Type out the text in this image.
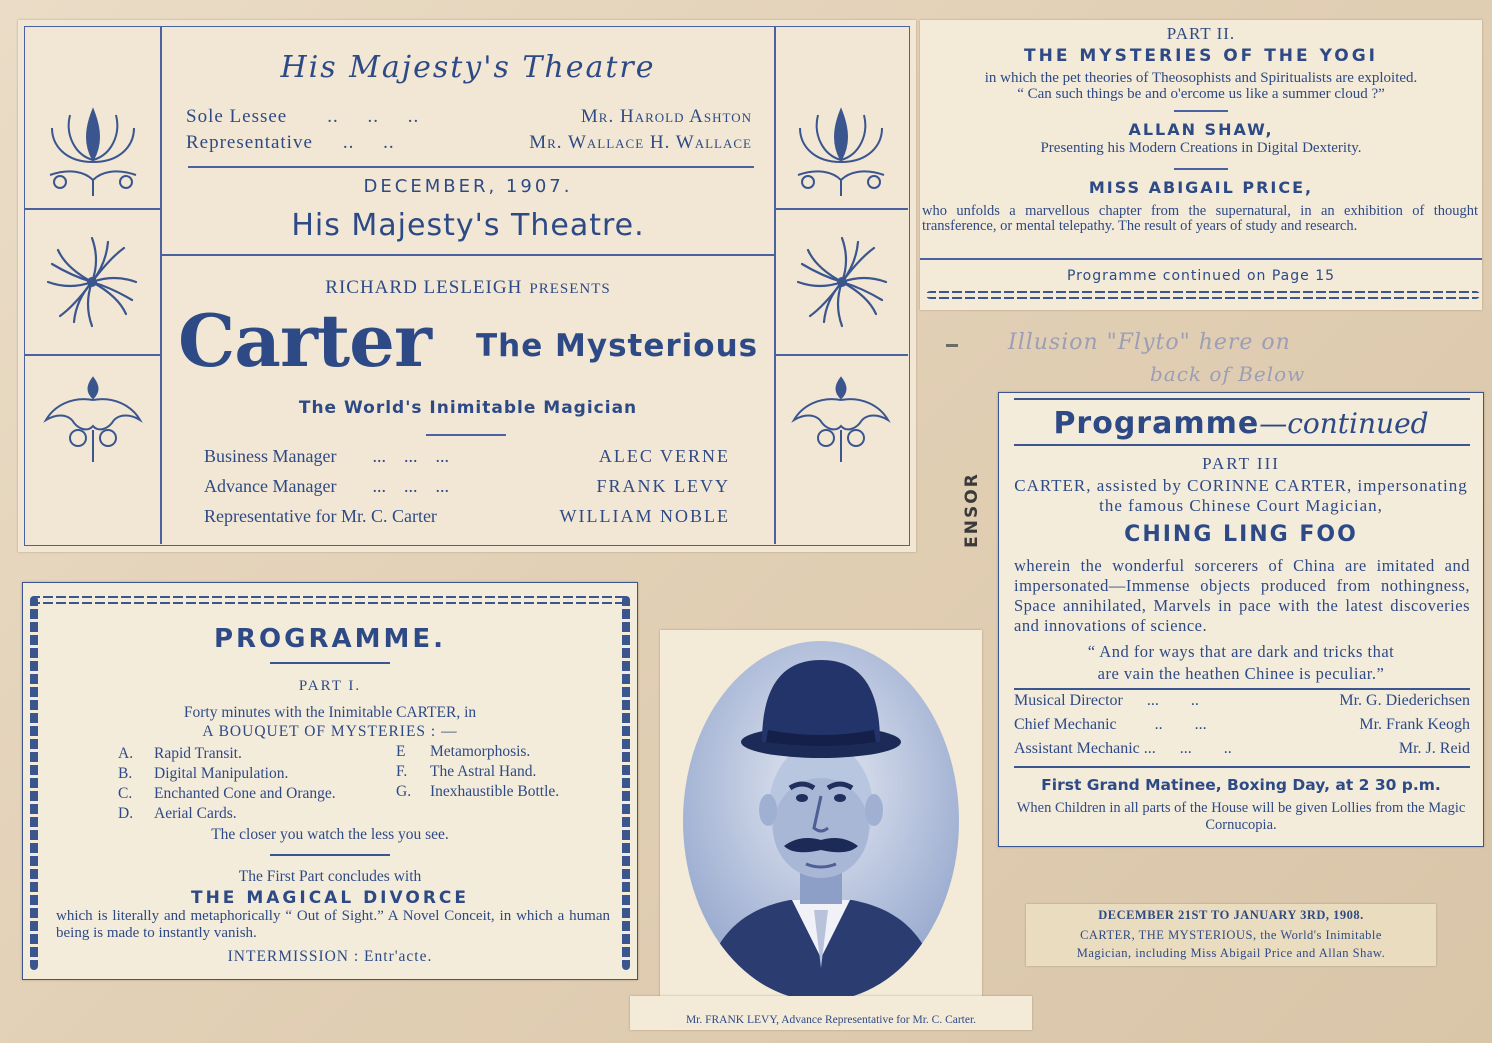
His Majesty's Theatre
Sole Lessee ..     ..     ..	Mr. Harold Ashton
Representative ..     ..	Mr. Wallace H. Wallace
DECEMBER, 1907.
His Majesty's Theatre.
RICHARD LESLEIGH PRESENTS
Carter The Mysterious
The World's Inimitable Magician
Business Manager ...    ...    ...	ALEC VERNE
Advance Manager ...    ...    ...	FRANK LEVY
Representative for Mr. C. Carter	WILLIAM NOBLE
PART II.
THE MYSTERIES OF THE YOGI
in which the pet theories of Theosophists and Spiritualists are exploited.
“ Can such things be and o'ercome us like a summer cloud ?”
ALLAN SHAW,
Presenting his Modern Creations in Digital Dexterity.
MISS ABIGAIL PRICE,
who unfolds a marvellous chapter from the supernatural, in an exhibition of thought transference, or mental telepathy. The result of years of study and research.
Programme continued on Page 15
Illusion "Flyto" here on
back of Below
ENSOR
Programme—continued
PART III
CARTER, assisted by CORINNE CARTER, impersonating the famous Chinese Court Magician,
CHING LING FOO
wherein the wonderful sorcerers of China are imitated and impersonated—Immense objects produced from nothingness, Space annihilated, Marvels in pace with the latest discoveries and innovations of science.
“ And for ways that are dark and tricks that
are vain the heathen Chinee is peculiar.”
Musical Director ...        ..	Mr. G. Diederichsen
Chief Mechanic ..        ...	Mr. Frank Keogh
Assistant Mechanic ... ...        ..	Mr. J. Reid
First Grand Matinee, Boxing Day, at 2 30 p.m.
When Children in all parts of the House will be given Lollies from the Magic Cornucopia.
PROGRAMME.
PART I.
Forty minutes with the Inimitable CARTER, in
A BOUQUET OF MYSTERIES : —
A. Rapid Transit.
B. Digital Manipulation.
C. Enchanted Cone and Orange.
D. Aerial Cards.
E Metamorphosis.
F. The Astral Hand.
G. Inexhaustible Bottle.
The closer you watch the less you see.
The First Part concludes with
THE MAGICAL DIVORCE
which is literally and metaphorically “ Out of Sight.” A Novel Conceit, in which a human being is made to instantly vanish.
INTERMISSION : Entr'acte.
Mr. FRANK LEVY, Advance Representative for Mr. C. Carter.
DECEMBER 21ST TO JANUARY 3RD, 1908.
CARTER, THE MYSTERIOUS, the World's Inimitable
Magician, including Miss Abigail Price and Allan Shaw.
